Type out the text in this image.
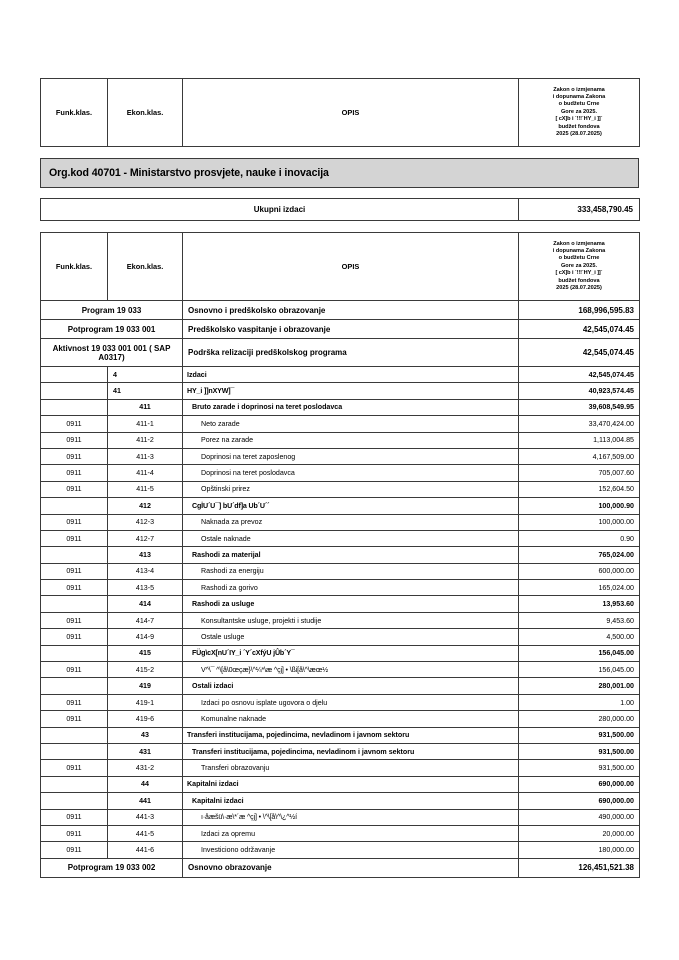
Funk.klas.	Ekon.klas.	OPIS	
Zakon o izmjenama
i dopunama Zakona
o budžetu Crne
Gore za 2025.
[ cX]b i ´!!!´ΗΥ_i ]]´
budžet fondova
2025 (28.07.2025)
Org.kod 40701 - Ministarstvo prosvjete, nauke i inovacija
Ukupni izdaci	333,458,790.45
Funk.klas.	Ekon.klas.	OPIS	
Zakon o izmjenama
i dopunama Zakona
o budžetu Crne
Gore za 2025.
[ cX]b i ´!!!´ΗΥ_i ]]´
budžet fondova
2025 (28.07.2025)

Program 19 033		Osnovno i predškolsko obrazovanje	168,996,595.83
Potprogram 19 033 001		Predškolsko vaspitanje i obrazovanje	42,545,074.45
Aktivnost 19 033 001 001 ( SAP A0317)		Podrška relizaciji predškolskog programa	42,545,074.45
	4	Izdaci	42,545,074.45
	41	ΗΥ_i ]]nΧΥW]¯	40,923,574.45
	411	Bruto zarade i doprinosi na teret poslodavca	39,608,549.95
0911	411-1	Neto zarade	33,470,424.00
0911	411-2	Porez na zarade	1,113,004.85
0911	411-3	Doprinosi na teret zaposlenog	4,167,509.00
0911	411-4	Doprinosi na teret poslodavca	705,007.60
0911	411-5	Opštinski prirez	152,604.50
	412	CgİU´U¯] bU´df]a Ub´U´´	100,000.90
0911	412-3	Naknada za prevoz	100,000.00
0911	412-7	Ostale naknade	0.90
	413	Rashodi za materijal	765,024.00
0911	413-4	Rashodi za energiju	600,000.00
0911	413-5	Rashodi za gorivo	165,024.00
	414	Rashodi za usluge	13,953.60
0911	414-7	Konsultantske usluge, projekti i studije	9,453.60
0911	414-9	Ostale usluge	4,500.00
	415	FÜg\cX[nU´ΙΥ_i ´Υ´cXfýU jÛb´Υ¯	156,045.00
0911	415-2	V^\¯ ^\[å\0œçæ}\^¼*\æ ^çj] • \ßi[å\^\æœ½	156,045.00
	419	Ostali izdaci	280,001.00
0911	419-1	Izdaci po osnovu isplate ugovora o djelu	1.00
0911	419-6	Komunalne naknade	280,000.00
	43	Transferi institucijama, pojedincima, nevladinom i javnom sektoru	931,500.00
	431	Transferi institucijama, pojedincima, nevladinom i javnom sektoru	931,500.00
0911	431-2	Transferi obrazovanju	931,500.00
	44	Kapitalni izdaci	690,000.00
	441	Kapitalni izdaci	690,000.00
0911	441-3	ı·åæšü\·æ\*´æ ^çj] • \^\[å\^\¿^½í	490,000.00
0911	441-5	Izdaci za opremu	20,000.00
0911	441-6	Investiciono održavanje	180,000.00
Potprogram 19 033 002		Osnovno obrazovanje	126,451,521.38
